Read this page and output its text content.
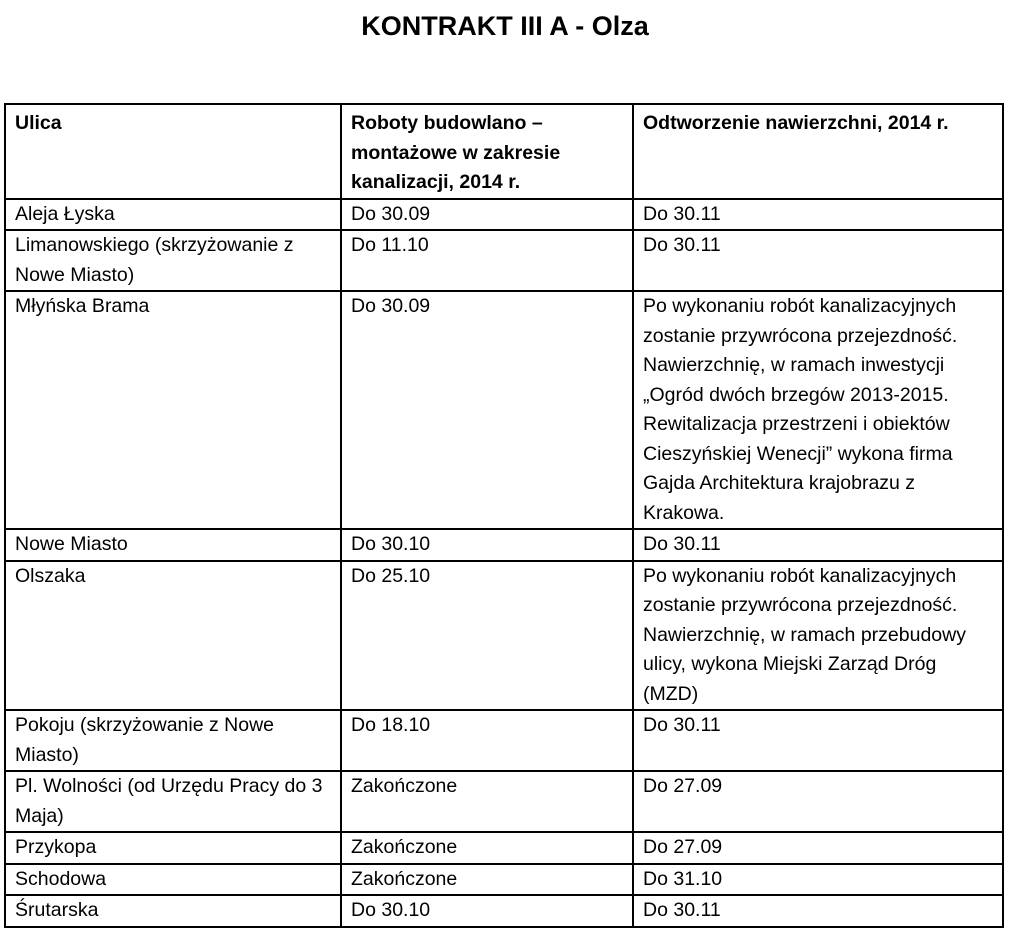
KONTRAKT III A - Olza
Ulica	Roboty budowlano – montażowe w zakresie kanalizacji, 2014 r.	Odtworzenie nawierzchni, 2014 r.
Aleja Łyska	Do 30.09	Do 30.11
Limanowskiego (skrzyżowanie z Nowe Miasto)	Do 11.10	Do 30.11
Młyńska Brama	Do 30.09	Po wykonaniu robót kanalizacyjnych zostanie przywrócona przejezdność. Nawierzchnię, w ramach inwestycji „Ogród dwóch brzegów 2013-2015. Rewitalizacja przestrzeni i obiektów Cieszyńskiej Wenecji” wykona firma Gajda Architektura krajobrazu z Krakowa.
Nowe Miasto	Do 30.10	Do 30.11
Olszaka	Do 25.10	Po wykonaniu robót kanalizacyjnych zostanie przywrócona przejezdność. Nawierzchnię, w ramach przebudowy ulicy, wykona Miejski Zarząd Dróg (MZD)
Pokoju (skrzyżowanie z Nowe Miasto)	Do 18.10	Do 30.11
Pl. Wolności (od Urzędu Pracy do 3 Maja)	Zakończone	Do 27.09
Przykopa	Zakończone	Do 27.09
Schodowa	Zakończone	Do 31.10
Śrutarska	Do 30.10	Do 30.11
